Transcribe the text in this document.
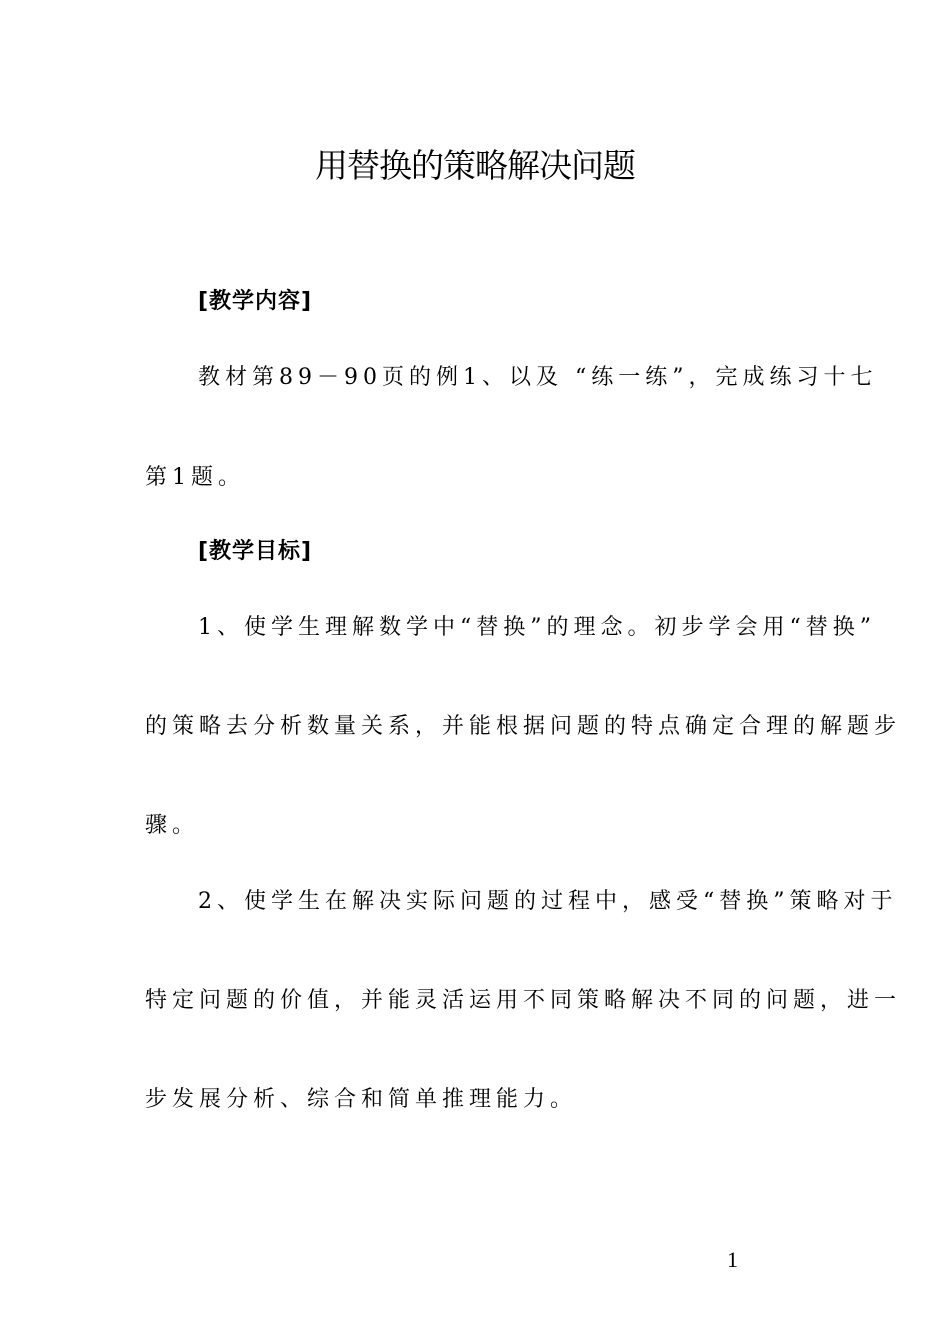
用替换的策略解决问题
[教学内容]
教材第89－90页的例1、以及 “练一练”，完成练习十七
第1题。
[教学目标]
1、使学生理解数学中“替换”的理念。初步学会用“替换”
的策略去分析数量关系，并能根据问题的特点确定合理的解题步
骤。
2、使学生在解决实际问题的过程中，感受“替换”策略对于
特定问题的价值，并能灵活运用不同策略解决不同的问题，进一
步发展分析、综合和简单推理能力。
1
